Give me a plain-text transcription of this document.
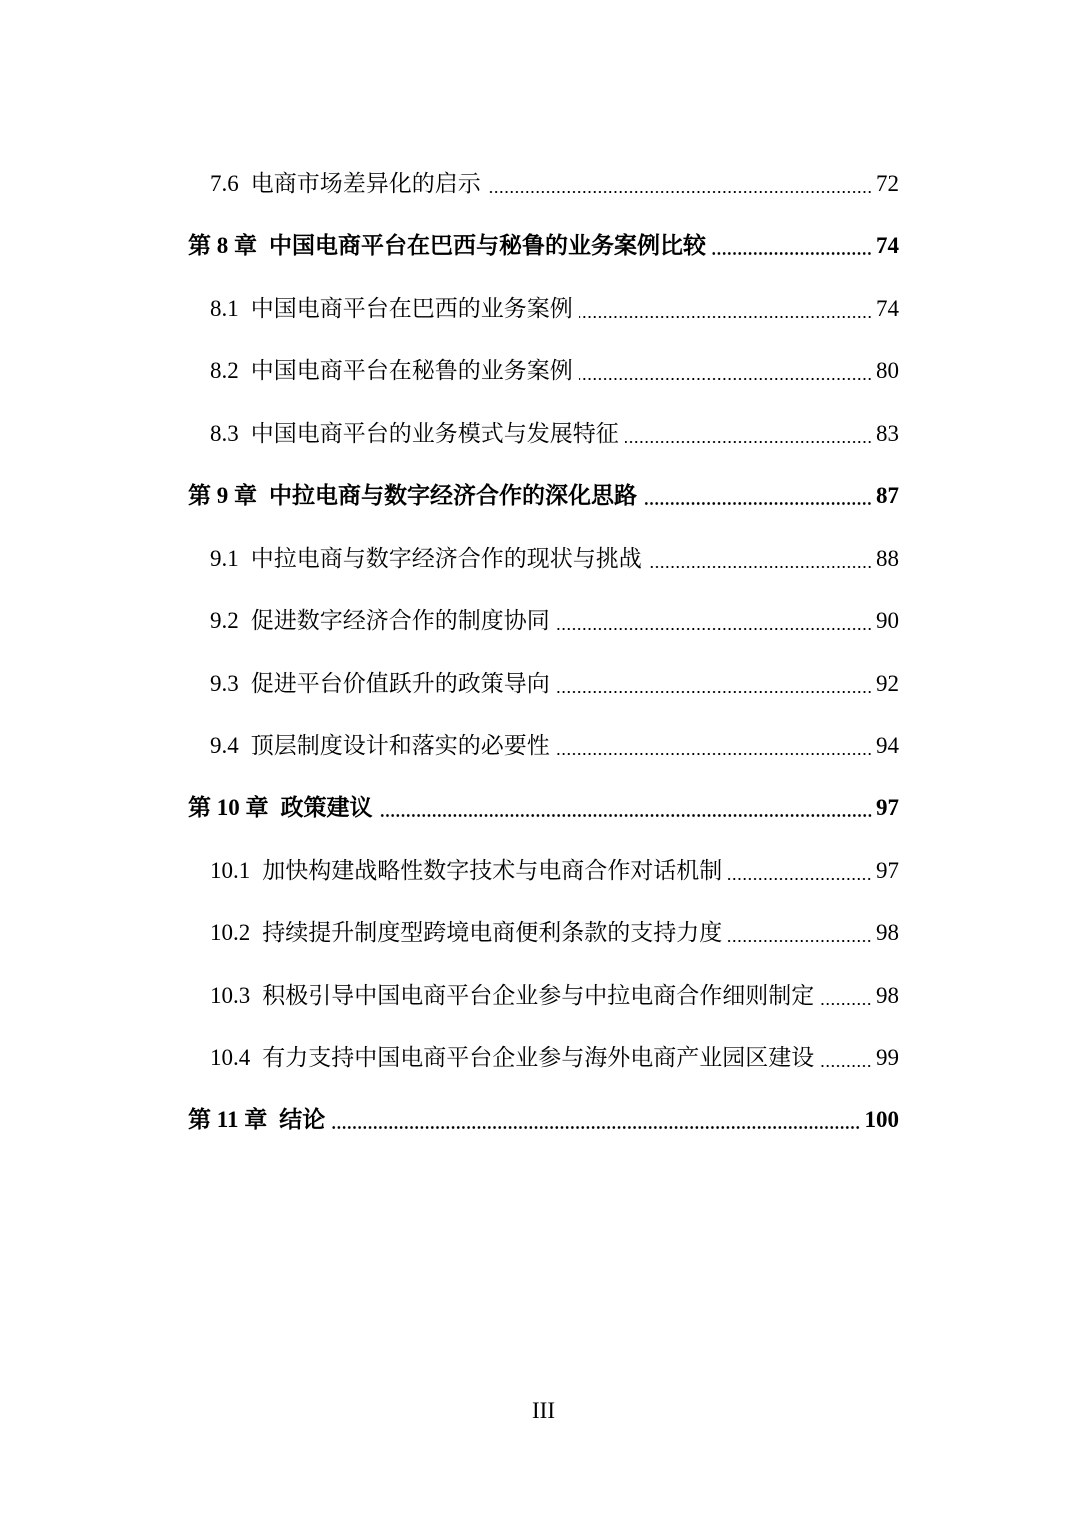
7.6 电商市场差异化的启示	72
第 8 章 中国电商平台在巴西与秘鲁的业务案例比较	74
8.1 中国电商平台在巴西的业务案例	74
8.2 中国电商平台在秘鲁的业务案例	80
8.3 中国电商平台的业务模式与发展特征	83
第 9 章 中拉电商与数字经济合作的深化思路	87
9.1 中拉电商与数字经济合作的现状与挑战	88
9.2 促进数字经济合作的制度协同	90
9.3 促进平台价值跃升的政策导向	92
9.4 顶层制度设计和落实的必要性	94
第 10 章 政策建议	97
10.1 加快构建战略性数字技术与电商合作对话机制	97
10.2 持续提升制度型跨境电商便利条款的支持力度	98
10.3 积极引导中国电商平台企业参与中拉电商合作细则制定	98
10.4 有力支持中国电商平台企业参与海外电商产业园区建设	99
第 11 章 结论	100
III
